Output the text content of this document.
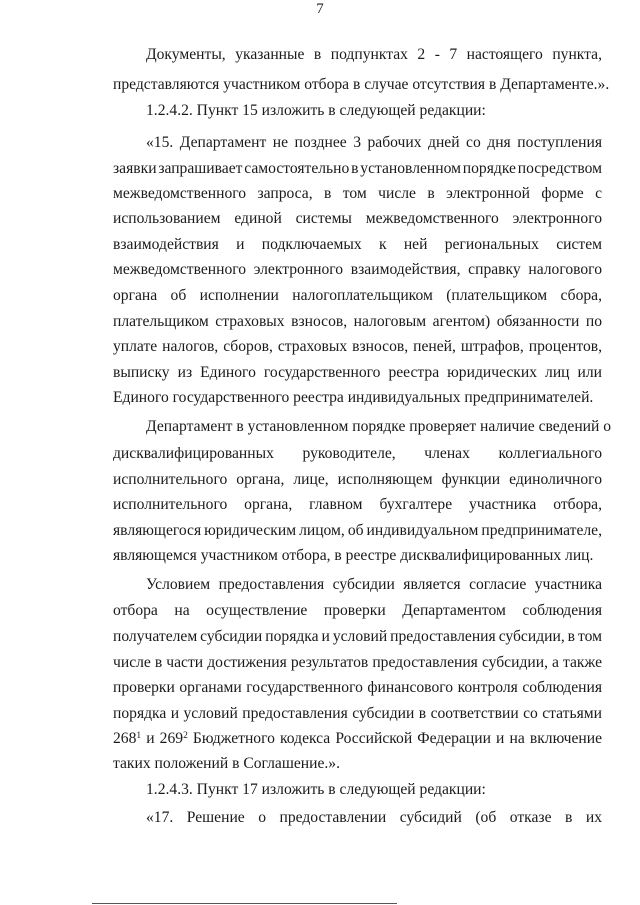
7
Документы, указанные в подпунктах 2 - 7 настоящего пункта,
представляются участником отбора в случае отсутствия в Департаменте.».
1.2.4.2. Пункт 15 изложить в следующей редакции:
«15. Департамент не позднее 3 рабочих дней со дня поступления
заявки запрашивает самостоятельно в установленном порядке посредством
межведомственного запроса, в том числе в электронной форме с
использованием единой системы межведомственного электронного
взаимодействия и подключаемых к ней региональных систем
межведомственного электронного взаимодействия, справку налогового
органа об исполнении налогоплательщиком (плательщиком сбора,
плательщиком страховых взносов, налоговым агентом) обязанности по
уплате налогов, сборов, страховых взносов, пеней, штрафов, процентов,
выписку из Единого государственного реестра юридических лиц или
Единого государственного реестра индивидуальных предпринимателей.
Департамент в установленном порядке проверяет наличие сведений о
дисквалифицированных руководителе, членах коллегиального
исполнительного органа, лице, исполняющем функции единоличного
исполнительного органа, главном бухгалтере участника отбора,
являющегося юридическим лицом, об индивидуальном предпринимателе,
являющемся участником отбора, в реестре дисквалифицированных лиц.
Условием предоставления субсидии является согласие участника
отбора на осуществление проверки Департаментом соблюдения
получателем субсидии порядка и условий предоставления субсидии, в том
числе в части достижения результатов предоставления субсидии, а также
проверки органами государственного финансового контроля соблюдения
порядка и условий предоставления субсидии в соответствии со статьями
$268^1$ и $269^2$ Бюджетного кодекса Российской Федерации и на включение
таких положений в Соглашение.».
1.2.4.3. Пункт 17 изложить в следующей редакции:
«17. Решение о предоставлении субсидий (об отказе в их
